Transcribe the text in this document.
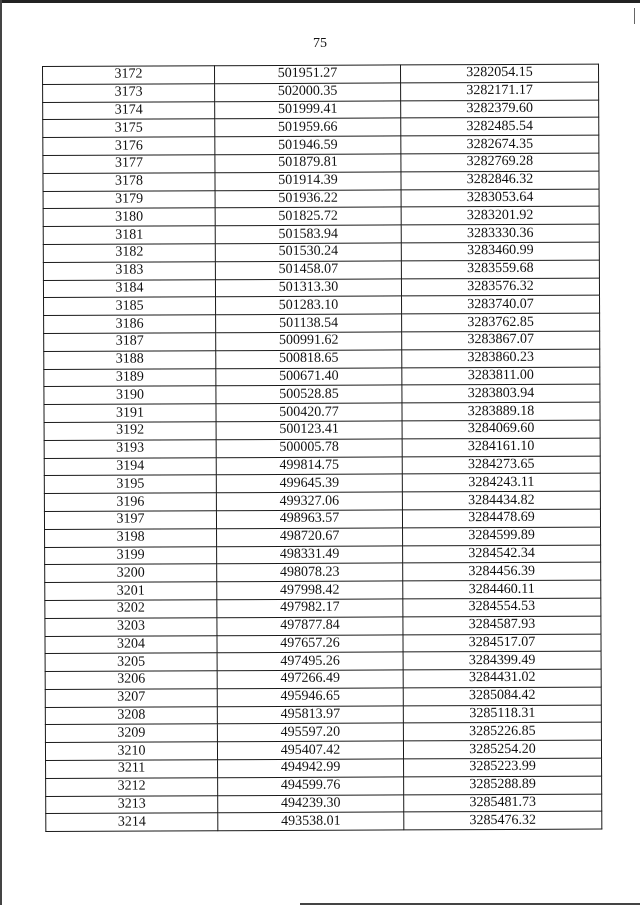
75
3172	501951.27	3282054.15
3173	502000.35	3282171.17
3174	501999.41	3282379.60
3175	501959.66	3282485.54
3176	501946.59	3282674.35
3177	501879.81	3282769.28
3178	501914.39	3282846.32
3179	501936.22	3283053.64
3180	501825.72	3283201.92
3181	501583.94	3283330.36
3182	501530.24	3283460.99
3183	501458.07	3283559.68
3184	501313.30	3283576.32
3185	501283.10	3283740.07
3186	501138.54	3283762.85
3187	500991.62	3283867.07
3188	500818.65	3283860.23
3189	500671.40	3283811.00
3190	500528.85	3283803.94
3191	500420.77	3283889.18
3192	500123.41	3284069.60
3193	500005.78	3284161.10
3194	499814.75	3284273.65
3195	499645.39	3284243.11
3196	499327.06	3284434.82
3197	498963.57	3284478.69
3198	498720.67	3284599.89
3199	498331.49	3284542.34
3200	498078.23	3284456.39
3201	497998.42	3284460.11
3202	497982.17	3284554.53
3203	497877.84	3284587.93
3204	497657.26	3284517.07
3205	497495.26	3284399.49
3206	497266.49	3284431.02
3207	495946.65	3285084.42
3208	495813.97	3285118.31
3209	495597.20	3285226.85
3210	495407.42	3285254.20
3211	494942.99	3285223.99
3212	494599.76	3285288.89
3213	494239.30	3285481.73
3214	493538.01	3285476.32
